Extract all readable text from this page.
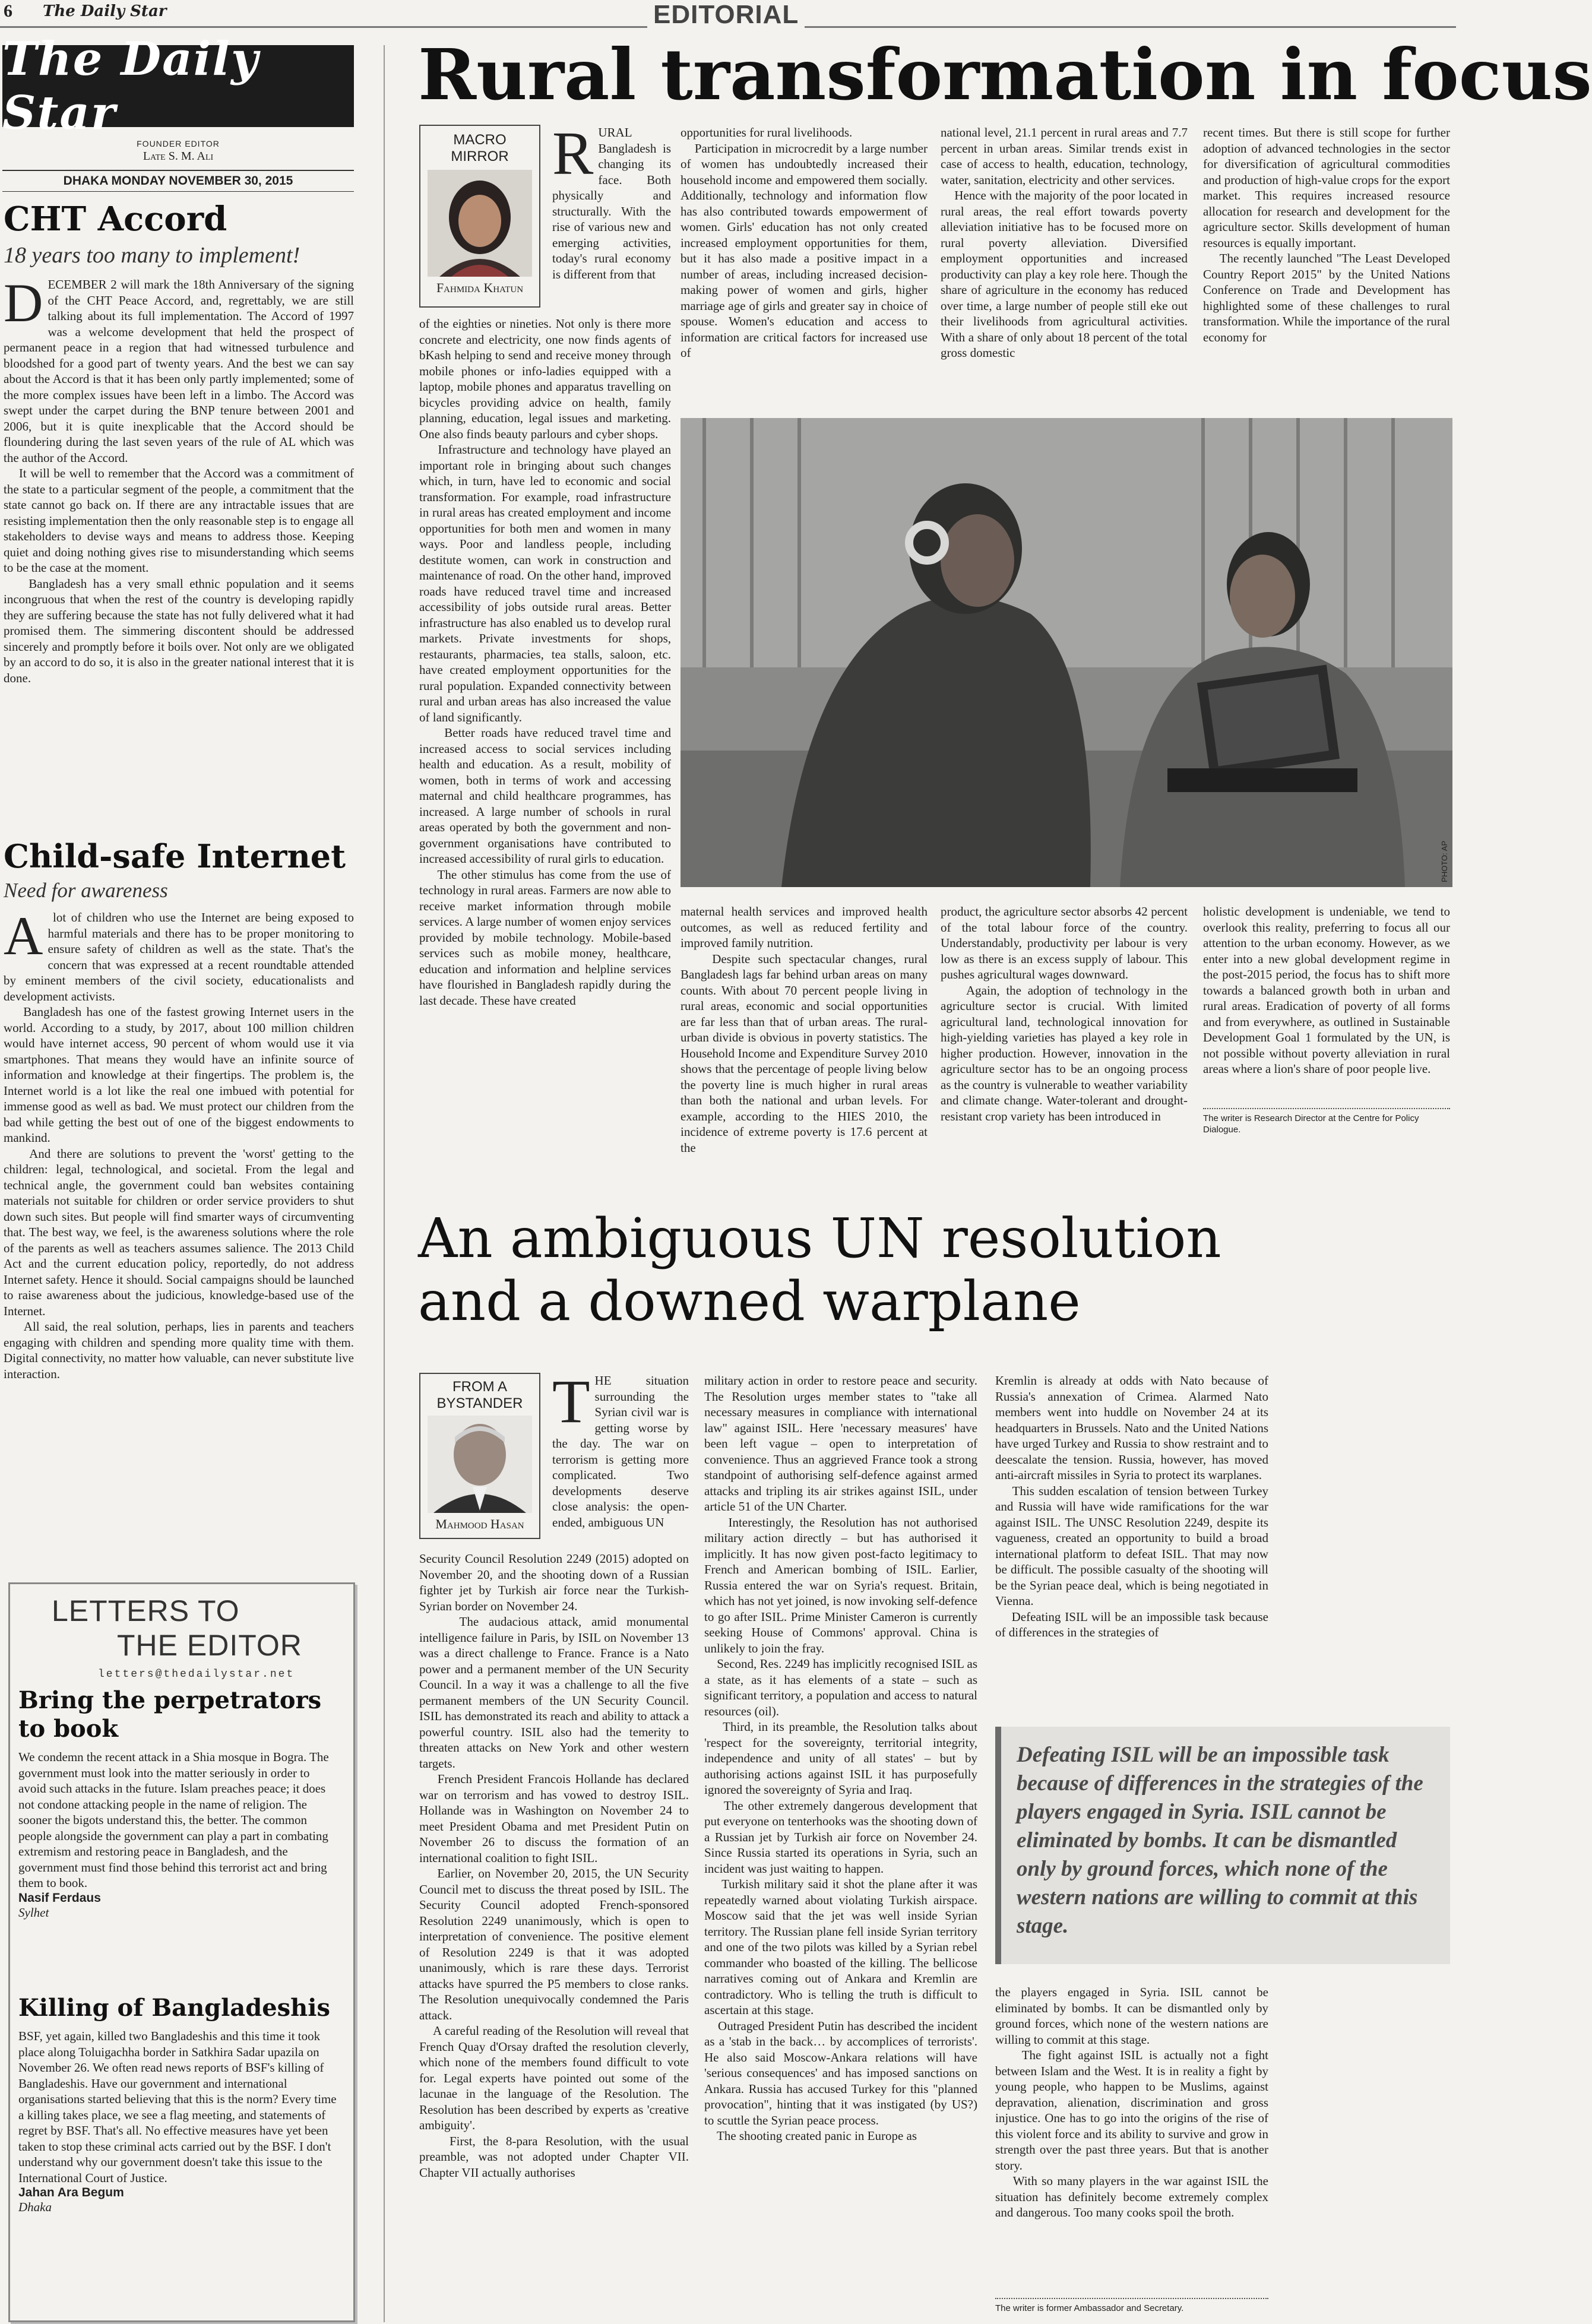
6 The Daily Star	EDITORIAL
The Daily Star
FOUNDER EDITOR
Late S. M. Ali
DHAKA MONDAY NOVEMBER 30, 2015
CHT Accord
18 years too many to implement!
DECEMBER 2 will mark the 18th Anniversary of the signing of the CHT Peace Accord, and, regrettably, we are still talking about its full implementation. The Accord of 1997 was a welcome development that held the prospect of permanent peace in a region that had witnessed turbulence and bloodshed for a good part of twenty years. And the best we can say about the Accord is that it has been only partly implemented; some of the more complex issues have been left in a limbo. The Accord was swept under the carpet during the BNP tenure between 2001 and 2006, but it is quite inexplicable that the Accord should be floundering during the last seven years of the rule of AL which was the author of the Accord.
It will be well to remember that the Accord was a commitment of the state to a particular segment of the people, a commitment that the state cannot go back on. If there are any intractable issues that are resisting implementation then the only reasonable step is to engage all stakeholders to devise ways and means to address those. Keeping quiet and doing nothing gives rise to misunderstanding which seems to be the case at the moment.
Bangladesh has a very small ethnic population and it seems incongruous that when the rest of the country is developing rapidly they are suffering because the state has not fully delivered what it had promised them. The simmering discontent should be addressed sincerely and promptly before it boils over. Not only are we obligated by an accord to do so, it is also in the greater national interest that it is done.
Child-safe Internet
Need for awareness
A lot of children who use the Internet are being exposed to harmful materials and there has to be proper monitoring to ensure safety of children as well as the state. That's the concern that was expressed at a recent roundtable attended by eminent members of the civil society, educationalists and development activists.
Bangladesh has one of the fastest growing Internet users in the world. According to a study, by 2017, about 100 million children would have internet access, 90 percent of whom would use it via smartphones. That means they would have an infinite source of information and knowledge at their fingertips. The problem is, the Internet world is a lot like the real one imbued with potential for immense good as well as bad. We must protect our children from the bad while getting the best out of one of the biggest endowments to mankind.
And there are solutions to prevent the 'worst' getting to the children: legal, technological, and societal. From the legal and technical angle, the government could ban websites containing materials not suitable for children or order service providers to shut down such sites. But people will find smarter ways of circumventing that. The best way, we feel, is the awareness solutions where the role of the parents as well as teachers assumes salience. The 2013 Child Act and the current education policy, reportedly, do not address Internet safety. Hence it should. Social campaigns should be launched to raise awareness about the judicious, knowledge-based use of the Internet.
All said, the real solution, perhaps, lies in parents and teachers engaging with children and spending more quality time with them. Digital connectivity, no matter how valuable, can never substitute live interaction.
LETTERS TO
THE EDITOR
letters@thedailystar.net
Bring the perpetrators to book
We condemn the recent attack in a Shia mosque in Bogra. The government must look into the matter seriously in order to avoid such attacks in the future. Islam preaches peace; it does not condone attacking people in the name of religion. The sooner the bigots understand this, the better. The common people alongside the government can play a part in combating extremism and restoring peace in Bangladesh, and the government must find those behind this terrorist act and bring them to book.
Nasif Ferdaus
Sylhet
Killing of Bangladeshis
BSF, yet again, killed two Bangladeshis and this time it took place along Toluigachha border in Satkhira Sadar upazila on November 26. We often read news reports of BSF's killing of Bangladeshis. Have our government and international organisations started believing that this is the norm? Every time a killing takes place, we see a flag meeting, and statements of regret by BSF. That's all. No effective measures have yet been taken to stop these criminal acts carried out by the BSF. I don't understand why our government doesn't take this issue to the International Court of Justice.
Jahan Ara Begum
Dhaka
Rural transformation in focus
MACRO
MIRROR
Fahmida Khatun
RURAL Bangladesh is changing its face. Both physically and structurally. With the rise of various new and emerging activities, today's rural economy is different from that
of the eighties or nineties. Not only is there more concrete and electricity, one now finds agents of bKash helping to send and receive money through mobile phones or info-ladies equipped with a laptop, mobile phones and apparatus travelling on bicycles providing advice on health, family planning, education, legal issues and marketing. One also finds beauty parlours and cyber shops.
Infrastructure and technology have played an important role in bringing about such changes which, in turn, have led to economic and social transformation. For example, road infrastructure in rural areas has created employment and income opportunities for both men and women in many ways. Poor and landless people, including destitute women, can work in construction and maintenance of road. On the other hand, improved roads have reduced travel time and increased accessibility of jobs outside rural areas. Better infrastructure has also enabled us to develop rural markets. Private investments for shops, restaurants, pharmacies, tea stalls, saloon, etc. have created employment opportunities for the rural population. Expanded connectivity between rural and urban areas has also increased the value of land significantly.
Better roads have reduced travel time and increased access to social services including health and education. As a result, mobility of women, both in terms of work and accessing maternal and child healthcare programmes, has increased. A large number of schools in rural areas operated by both the government and non-government organisations have contributed to increased accessibility of rural girls to education.
The other stimulus has come from the use of technology in rural areas. Farmers are now able to receive market information through mobile services. A large number of women enjoy services provided by mobile technology. Mobile-based services such as mobile money, healthcare, education and information and helpline services have flourished in Bangladesh rapidly during the last decade. These have created
opportunities for rural livelihoods.
Participation in microcredit by a large number of women has undoubtedly increased their household income and empowered them socially. Additionally, technology and information flow has also contributed towards empowerment of women. Girls' education has not only created increased employment opportunities for them, but it has also made a positive impact in a number of areas, including increased decision-making power of women and girls, higher marriage age of girls and greater say in choice of spouse. Women's education and access to information are critical factors for increased use of
national level, 21.1 percent in rural areas and 7.7 percent in urban areas. Similar trends exist in case of access to health, education, technology, water, sanitation, electricity and other services.
Hence with the majority of the poor located in rural areas, the real effort towards poverty alleviation initiative has to be focused more on rural poverty alleviation. Diversified employment opportunities and increased productivity can play a key role here. Though the share of agriculture in the economy has reduced over time, a large number of people still eke out their livelihoods from agricultural activities. With a share of only about 18 percent of the total gross domestic
recent times. But there is still scope for further adoption of advanced technologies in the sector for diversification of agricultural commodities and production of high-value crops for the export market. This requires increased resource allocation for research and development for the agriculture sector. Skills development of human resources is equally important.
The recently launched "The Least Developed Country Report 2015" by the United Nations Conference on Trade and Development has highlighted some of these challenges to rural transformation. While the importance of the rural economy for
PHOTO: AP
maternal health services and improved health outcomes, as well as reduced fertility and improved family nutrition.
Despite such spectacular changes, rural Bangladesh lags far behind urban areas on many counts. With about 70 percent people living in rural areas, economic and social opportunities are far less than that of urban areas. The rural-urban divide is obvious in poverty statistics. The Household Income and Expenditure Survey 2010 shows that the percentage of people living below the poverty line is much higher in rural areas than both the national and urban levels. For example, according to the HIES 2010, the incidence of extreme poverty is 17.6 percent at the
product, the agriculture sector absorbs 42 percent of the total labour force of the country. Understandably, productivity per labour is very low as there is an excess supply of labour. This pushes agricultural wages downward.
Again, the adoption of technology in the agriculture sector is crucial. With limited agricultural land, technological innovation for high-yielding varieties has played a key role in higher production. However, innovation in the agriculture sector has to be an ongoing process as the country is vulnerable to weather variability and climate change. Water-tolerant and drought-resistant crop variety has been introduced in
holistic development is undeniable, we tend to overlook this reality, preferring to focus all our attention to the urban economy. However, as we enter into a new global development regime in the post-2015 period, the focus has to shift more towards a balanced growth both in urban and rural areas. Eradication of poverty of all forms and from everywhere, as outlined in Sustainable Development Goal 1 formulated by the UN, is not possible without poverty alleviation in rural areas where a lion's share of poor people live.
The writer is Research Director at the Centre for Policy Dialogue.
An ambiguous UN resolution
and a downed warplane
FROM A
BYSTANDER
Mahmood Hasan
THE situation surrounding the Syrian civil war is getting worse by the day. The war on terrorism is getting more complicated. Two developments deserve close analysis: the open-ended, ambiguous UN
Security Council Resolution 2249 (2015) adopted on November 20, and the shooting down of a Russian fighter jet by Turkish air force near the Turkish-Syrian border on November 24.
The audacious attack, amid monumental intelligence failure in Paris, by ISIL on November 13 was a direct challenge to France. France is a Nato power and a permanent member of the UN Security Council. In a way it was a challenge to all the five permanent members of the UN Security Council. ISIL has demonstrated its reach and ability to attack a powerful country. ISIL also had the temerity to threaten attacks on New York and other western targets.
French President Francois Hollande has declared war on terrorism and has vowed to destroy ISIL. Hollande was in Washington on November 24 to meet President Obama and met President Putin on November 26 to discuss the formation of an international coalition to fight ISIL.
Earlier, on November 20, 2015, the UN Security Council met to discuss the threat posed by ISIL. The Security Council adopted French-sponsored Resolution 2249 unanimously, which is open to interpretation of convenience. The positive element of Resolution 2249 is that it was adopted unanimously, which is rare these days. Terrorist attacks have spurred the P5 members to close ranks. The Resolution unequivocally condemned the Paris attack.
A careful reading of the Resolution will reveal that French Quay d'Orsay drafted the resolution cleverly, which none of the members found difficult to vote for. Legal experts have pointed out some of the lacunae in the language of the Resolution. The Resolution has been described by experts as 'creative ambiguity'.
First, the 8-para Resolution, with the usual preamble, was not adopted under Chapter VII. Chapter VII actually authorises
military action in order to restore peace and security. The Resolution urges member states to "take all necessary measures in compliance with international law" against ISIL. Here 'necessary measures' have been left vague – open to interpretation of convenience. Thus an aggrieved France took a strong standpoint of authorising self-defence against armed attacks and tripling its air strikes against ISIL, under article 51 of the UN Charter.
Interestingly, the Resolution has not authorised military action directly – but has authorised it implicitly. It has now given post-facto legitimacy to French and American bombing of ISIL. Earlier, Russia entered the war on Syria's request. Britain, which has not yet joined, is now invoking self-defence to go after ISIL. Prime Minister Cameron is currently seeking House of Commons' approval. China is unlikely to join the fray.
Second, Res. 2249 has implicitly recognised ISIL as a state, as it has elements of a state – such as significant territory, a population and access to natural resources (oil).
Third, in its preamble, the Resolution talks about 'respect for the sovereignty, territorial integrity, independence and unity of all states' – but by authorising actions against ISIL it has purposefully ignored the sovereignty of Syria and Iraq.
The other extremely dangerous development that put everyone on tenterhooks was the shooting down of a Russian jet by Turkish air force on November 24. Since Russia started its operations in Syria, such an incident was just waiting to happen.
Turkish military said it shot the plane after it was repeatedly warned about violating Turkish airspace. Moscow said that the jet was well inside Syrian territory. The Russian plane fell inside Syrian territory and one of the two pilots was killed by a Syrian rebel commander who boasted of the killing. The bellicose narratives coming out of Ankara and Kremlin are contradictory. Who is telling the truth is difficult to ascertain at this stage.
Outraged President Putin has described the incident as a 'stab in the back… by accomplices of terrorists'. He also said Moscow-Ankara relations will have 'serious consequences' and has imposed sanctions on Ankara. Russia has accused Turkey for this "planned provocation", hinting that it was instigated (by US?) to scuttle the Syrian peace process.
The shooting created panic in Europe as
Kremlin is already at odds with Nato because of Russia's annexation of Crimea. Alarmed Nato members went into huddle on November 24 at its headquarters in Brussels. Nato and the United Nations have urged Turkey and Russia to show restraint and to deescalate the tension. Russia, however, has moved anti-aircraft missiles in Syria to protect its warplanes.
This sudden escalation of tension between Turkey and Russia will have wide ramifications for the war against ISIL. The UNSC Resolution 2249, despite its vagueness, created an opportunity to build a broad international platform to defeat ISIL. That may now be difficult. The possible casualty of the shooting will be the Syrian peace deal, which is being negotiated in Vienna.
Defeating ISIL will be an impossible task because of differences in the strategies of
Defeating ISIL will be an impossible task because of differences in the strategies of the players engaged in Syria. ISIL cannot be eliminated by bombs. It can be dismantled only by ground forces, which none of the western nations are willing to commit at this stage.
the players engaged in Syria. ISIL cannot be eliminated by bombs. It can be dismantled only by ground forces, which none of the western nations are willing to commit at this stage.
The fight against ISIL is actually not a fight between Islam and the West. It is in reality a fight by young people, who happen to be Muslims, against depravation, alienation, discrimination and gross injustice. One has to go into the origins of the rise of this violent force and its ability to survive and grow in strength over the past three years. But that is another story.
With so many players in the war against ISIL the situation has definitely become extremely complex and dangerous. Too many cooks spoil the broth.
The writer is former Ambassador and Secretary.
